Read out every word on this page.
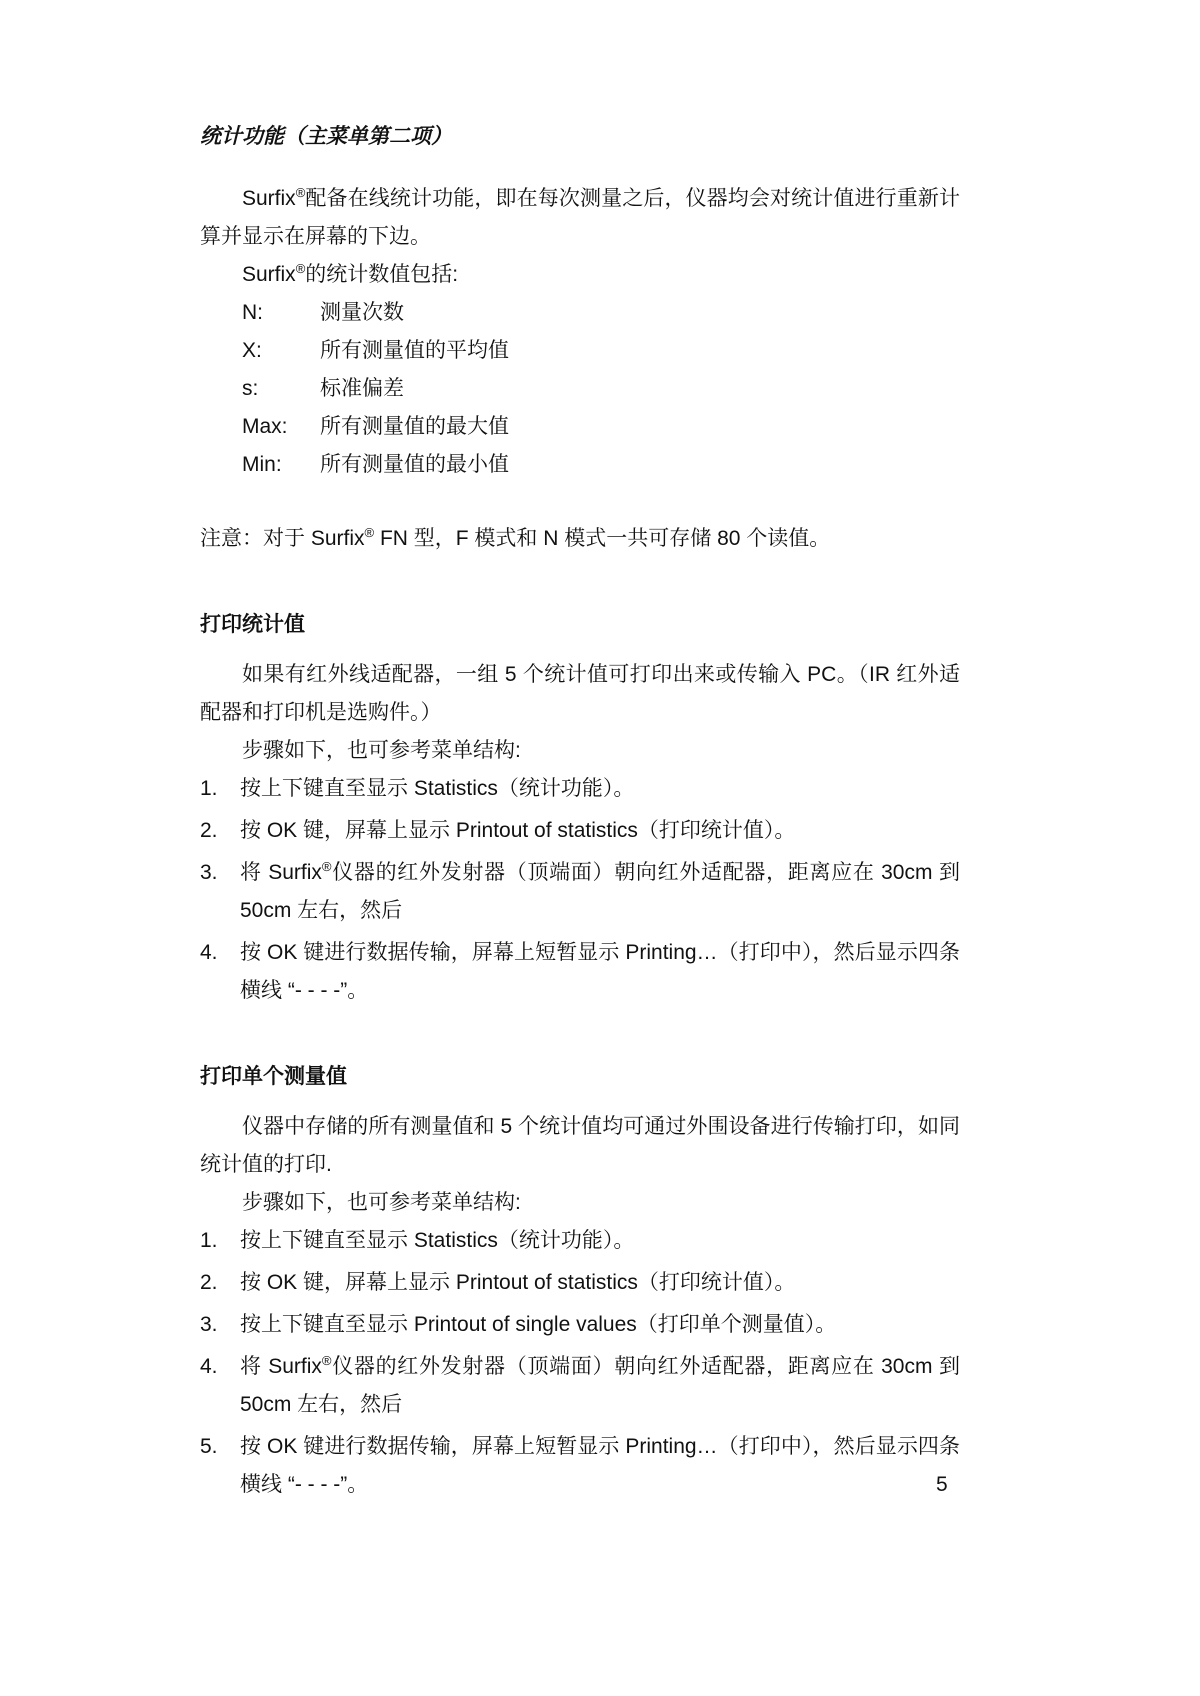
统计功能（主菜单第二项）

Surfix®配备在线统计功能，即在每次测量之后，仪器均会对统计值进行重新计算并显示在屏幕的下边。

Surfix®的统计数值包括:

N:	测量次数
X:	所有测量值的平均值
s:	标准偏差
Max:	所有测量值的最大值
Min:	所有测量值的最小值

注意：对于 Surfix® FN 型，F 模式和 N 模式一共可存储 80 个读值。

打印统计值

如果有红外线适配器，一组 5 个统计值可打印出来或传输入 PC。（IR 红外适配器和打印机是选购件。）

步骤如下，也可参考菜单结构:

1.	按上下键直至显示 Statistics（统计功能）。
2.	按 OK 键，屏幕上显示 Printout of statistics（打印统计值）。
3.	将 Surfix®仪器的红外发射器（顶端面）朝向红外适配器，距离应在 30cm 到 50cm 左右，然后
4.	按 OK 键进行数据传输，屏幕上短暂显示 Printing…（打印中），然后显示四条横线 “- - - -”。
打印单个测量值

仪器中存储的所有测量值和 5 个统计值均可通过外围设备进行传输打印，如同统计值的打印.

步骤如下，也可参考菜单结构:

1.	按上下键直至显示 Statistics（统计功能）。
2.	按 OK 键，屏幕上显示 Printout of statistics（打印统计值）。
3.	按上下键直至显示 Printout of single values（打印单个测量值）。
4.	将 Surfix®仪器的红外发射器（顶端面）朝向红外适配器，距离应在 30cm 到 50cm 左右，然后
5.	按 OK 键进行数据传输，屏幕上短暂显示 Printing…（打印中），然后显示四条横线 “- - - -”。	5
